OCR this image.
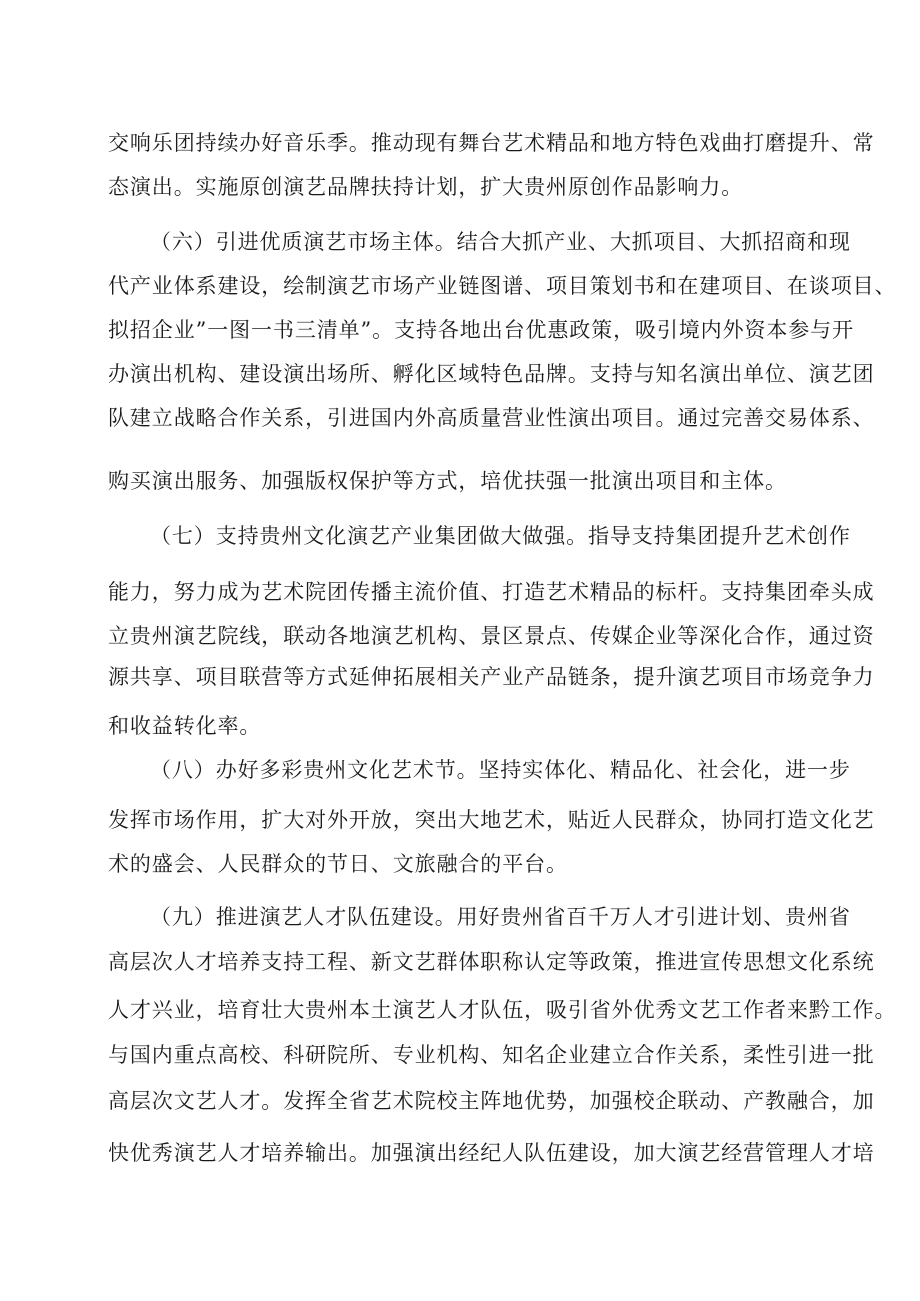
交响乐团持续办好音乐季。推动现有舞台艺术精品和地方特色戏曲打磨提升、常
态演出。实施原创演艺品牌扶持计划，扩大贵州原创作品影响力。
（六）引进优质演艺市场主体。结合大抓产业、大抓项目、大抓招商和现
代产业体系建设，绘制演艺市场产业链图谱、项目策划书和在建项目、在谈项目、
拟招企业”一图一书三清单”。支持各地出台优惠政策，吸引境内外资本参与开
办演出机构、建设演出场所、孵化区域特色品牌。支持与知名演出单位、演艺团
队建立战略合作关系，引进国内外高质量营业性演出项目。通过完善交易体系、
购买演出服务、加强版权保护等方式，培优扶强一批演出项目和主体。
（七）支持贵州文化演艺产业集团做大做强。指导支持集团提升艺术创作
能力，努力成为艺术院团传播主流价值、打造艺术精品的标杆。支持集团牵头成
立贵州演艺院线，联动各地演艺机构、景区景点、传媒企业等深化合作，通过资
源共享、项目联营等方式延伸拓展相关产业产品链条，提升演艺项目市场竞争力
和收益转化率。
（八）办好多彩贵州文化艺术节。坚持实体化、精品化、社会化，进一步
发挥市场作用，扩大对外开放，突出大地艺术，贴近人民群众，协同打造文化艺
术的盛会、人民群众的节日、文旅融合的平台。
（九）推进演艺人才队伍建设。用好贵州省百千万人才引进计划、贵州省
高层次人才培养支持工程、新文艺群体职称认定等政策，推进宣传思想文化系统
人才兴业，培育壮大贵州本土演艺人才队伍，吸引省外优秀文艺工作者来黔工作。
与国内重点高校、科研院所、专业机构、知名企业建立合作关系，柔性引进一批
高层次文艺人才。发挥全省艺术院校主阵地优势，加强校企联动、产教融合，加
快优秀演艺人才培养输出。加强演出经纪人队伍建设，加大演艺经营管理人才培
